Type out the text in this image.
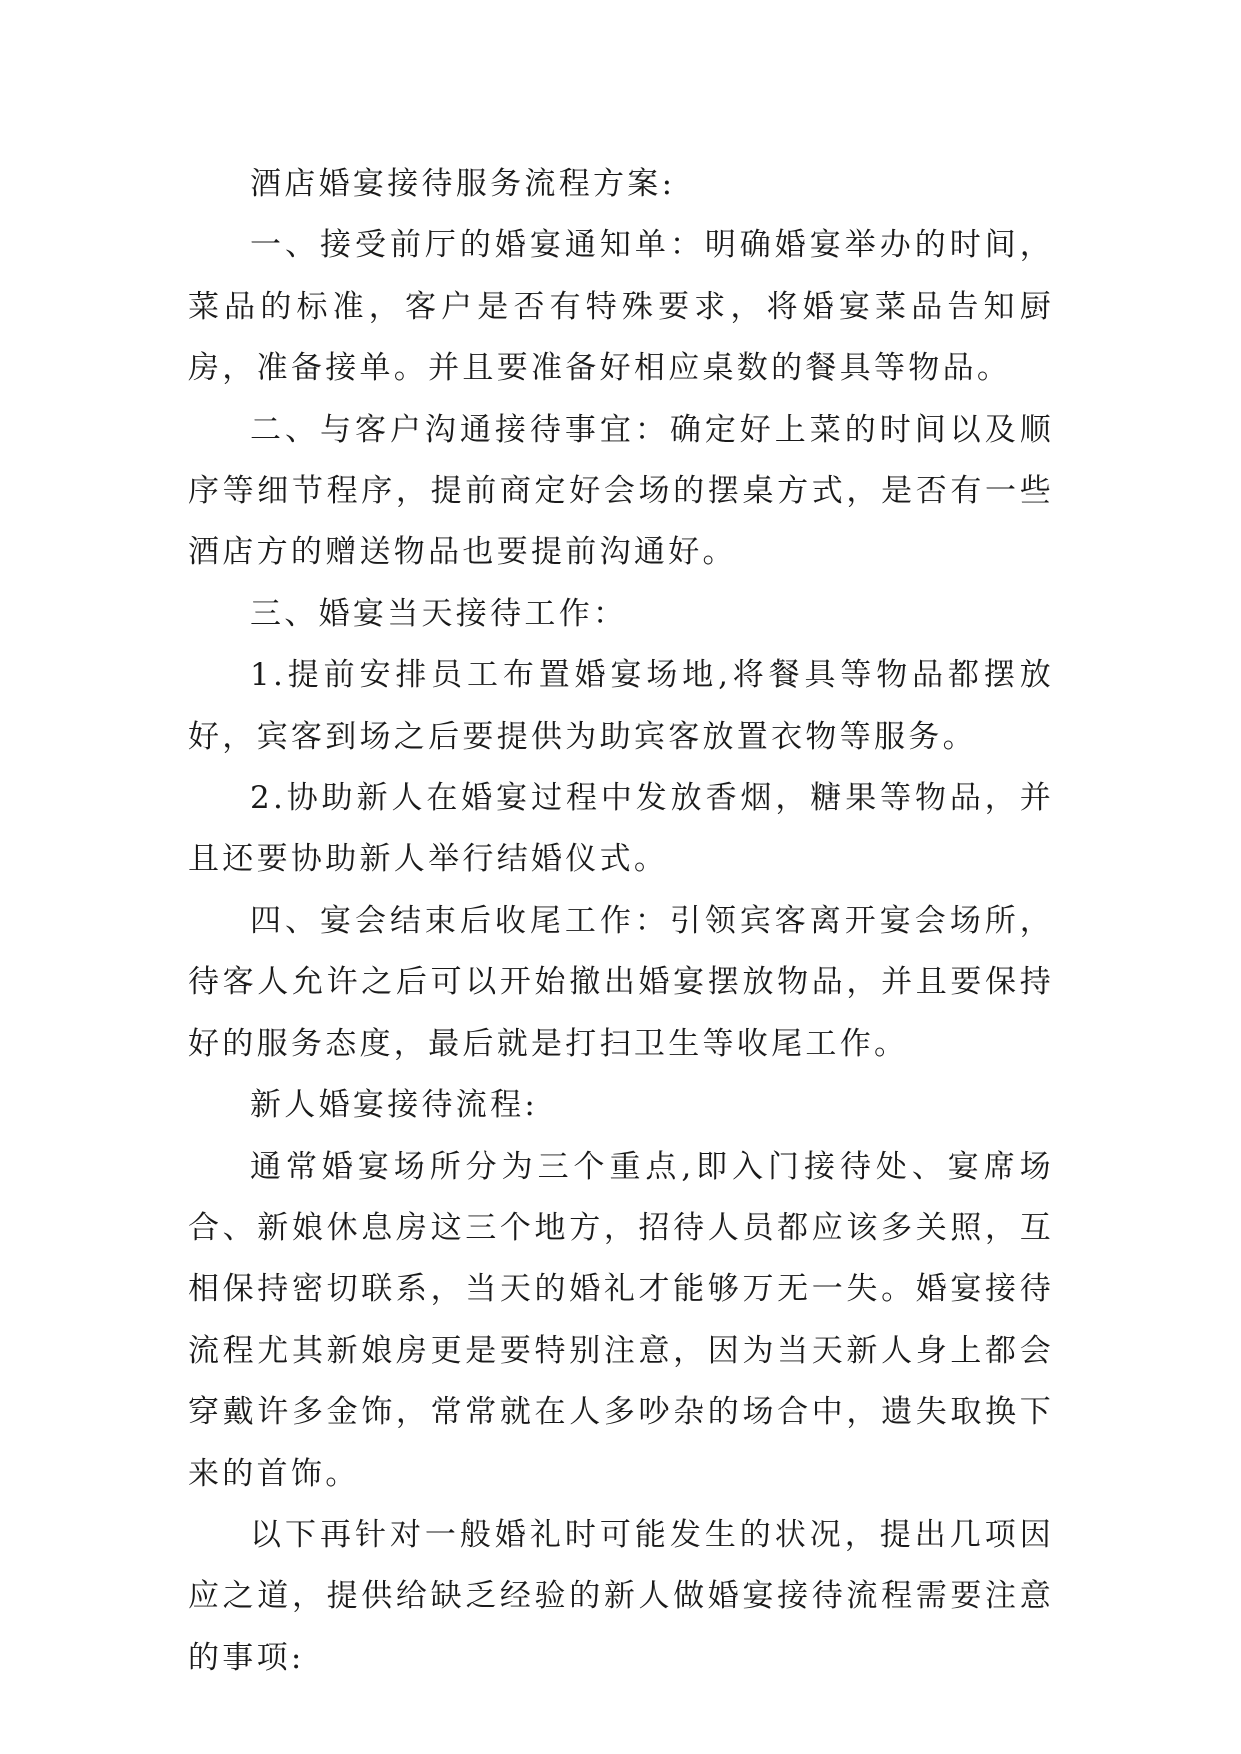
酒店婚宴接待服务流程方案:

一、接受前厅的婚宴通知单：明确婚宴举办的时间，菜品的标准，客户是否有特殊要求，将婚宴菜品告知厨房，准备接单。并且要准备好相应桌数的餐具等物品。

二、与客户沟通接待事宜：确定好上菜的时间以及顺序等细节程序，提前商定好会场的摆桌方式，是否有一些酒店方的赠送物品也要提前沟通好。

三、婚宴当天接待工作：

1.提前安排员工布置婚宴场地,将餐具等物品都摆放好，宾客到场之后要提供为助宾客放置衣物等服务。

2.协助新人在婚宴过程中发放香烟，糖果等物品，并且还要协助新人举行结婚仪式。

四、宴会结束后收尾工作：引领宾客离开宴会场所，待客人允许之后可以开始撤出婚宴摆放物品，并且要保持好的服务态度，最后就是打扫卫生等收尾工作。

新人婚宴接待流程:

通常婚宴场所分为三个重点,即入门接待处、宴席场合、新娘休息房这三个地方，招待人员都应该多关照，互相保持密切联系，当天的婚礼才能够万无一失。婚宴接待流程尤其新娘房更是要特别注意，因为当天新人身上都会穿戴许多金饰，常常就在人多吵杂的场合中，遗失取换下来的首饰。

以下再针对一般婚礼时可能发生的状况，提出几项因应之道，提供给缺乏经验的新人做婚宴接待流程需要注意的事项:
